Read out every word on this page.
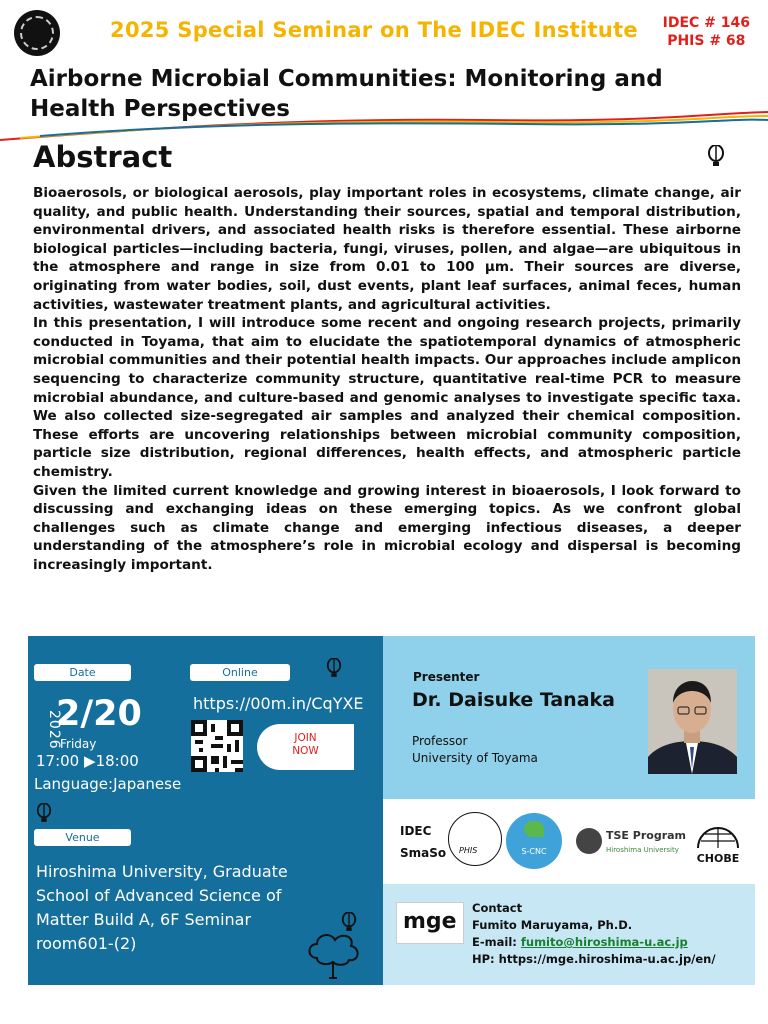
2025 Special Seminar on The IDEC Institute	IDEC # 146
PHIS # 68
Airborne Microbial Communities: Monitoring and Health Perspectives
Abstract

Bioaerosols, or biological aerosols, play important roles in ecosystems, climate change, air quality, and public health. Understanding their sources, spatial and temporal distribution, environmental drivers, and associated health risks is therefore essential. These airborne biological particles—including bacteria, fungi, viruses, pollen, and algae—are ubiquitous in the atmosphere and range in size from 0.01 to 100 µm. Their sources are diverse, originating from water bodies, soil, dust events, plant leaf surfaces, animal feces, human activities, wastewater treatment plants, and agricultural activities.

In this presentation, I will introduce some recent and ongoing research projects, primarily conducted in Toyama, that aim to elucidate the spatiotemporal dynamics of atmospheric microbial communities and their potential health impacts. Our approaches include amplicon sequencing to characterize community structure, quantitative real-time PCR to measure microbial abundance, and culture-based and genomic analyses to investigate specific taxa. We also collected size-segregated air samples and analyzed their chemical composition. These efforts are uncovering relationships between microbial community composition, particle size distribution, regional differences, health effects, and atmospheric particle chemistry.

Given the limited current knowledge and growing interest in bioaerosols, I look forward to discussing and exchanging ideas on these emerging topics. As we confront global challenges such as climate change and emerging infectious diseases, a deeper understanding of the atmosphere’s role in microbial ecology and dispersal is becoming increasingly important.

Date	Online
2026
2/20
Friday
17:00 ▶18:00
Language:Japanese
https://00m.in/CqYXE
JOIN
NOW
Venue
Hiroshima University, Graduate School of Advanced Science of Matter Build A, 6F Seminar room601-(2)
Presenter
Dr. Daisuke Tanaka
Professor
University of Toyama
IDEC
SmaSo PHIS	S-CNC
TSE Program
Hiroshima University
CHOBE
mge
Contact
Fumito Maruyama, Ph.D.
E-mail: fumito@hiroshima-u.ac.jp
HP: https://mge.hiroshima-u.ac.jp/en/
